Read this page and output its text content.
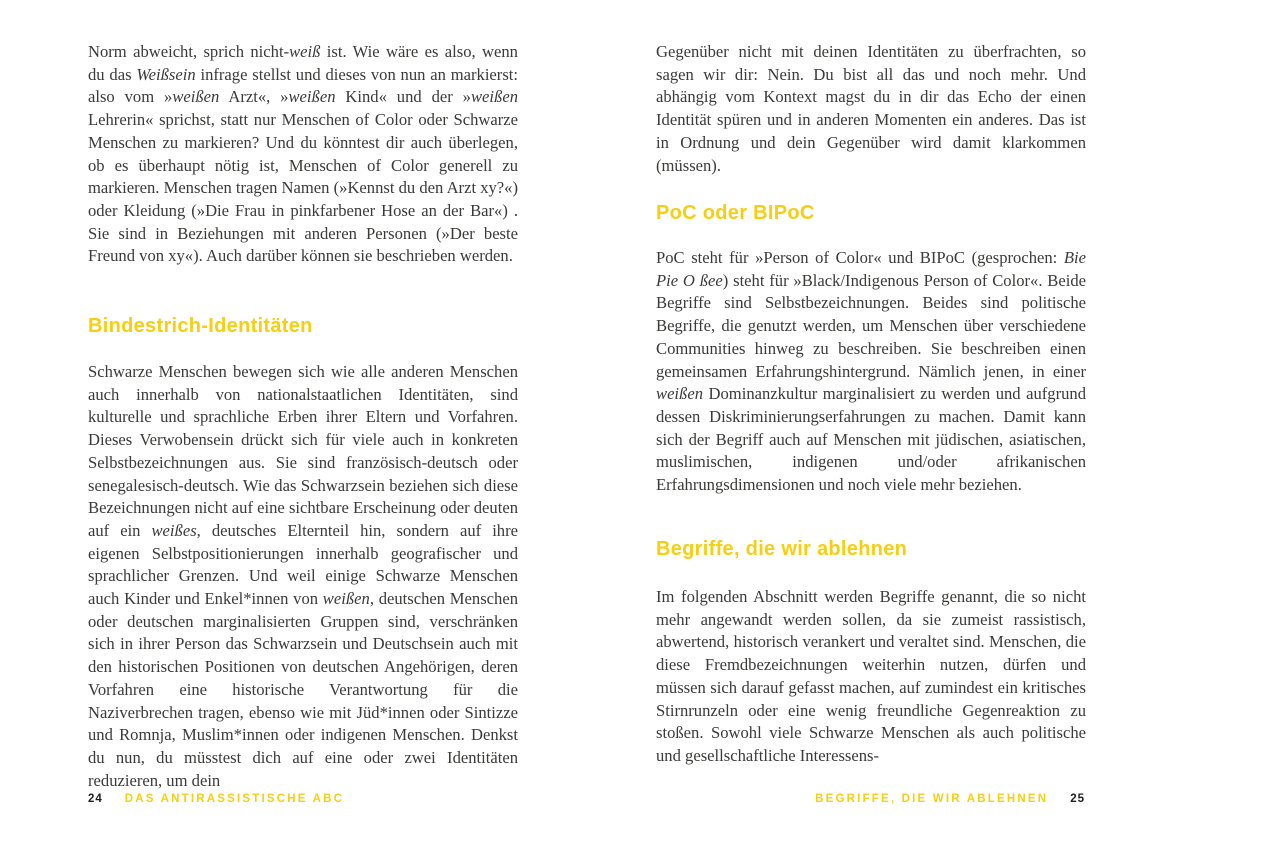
Norm abweicht, sprich nicht-weiß ist. Wie wäre es also, wenn du das Weißsein infrage stellst und dieses von nun an markierst: also vom »weißen Arzt«, »weißen Kind« und der »weißen Lehrerin« sprichst, statt nur Menschen of Color oder Schwarze Menschen zu markieren? Und du könntest dir auch überlegen, ob es überhaupt nötig ist, Menschen of Color generell zu markieren. Menschen tragen Namen (»Kennst du den Arzt xy?«) oder Kleidung (»Die Frau in pinkfarbener Hose an der Bar«) . Sie sind in Beziehungen mit anderen Personen (»Der beste Freund von xy«). Auch darüber können sie beschrieben werden.

Bindestrich-Identitäten

Schwarze Menschen bewegen sich wie alle anderen Menschen auch innerhalb von nationalstaatlichen Identitäten, sind kulturelle und sprachliche Erben ihrer Eltern und Vorfahren. Dieses Verwobensein drückt sich für viele auch in konkreten Selbstbezeichnungen aus. Sie sind französisch-deutsch oder senegalesisch-deutsch. Wie das Schwarzsein beziehen sich diese Bezeichnungen nicht auf eine sichtbare Erscheinung oder deuten auf ein weißes, deutsches Elternteil hin, sondern auf ihre eigenen Selbstpositionierungen innerhalb geografischer und sprachlicher Grenzen. Und weil einige Schwarze Menschen auch Kinder und Enkel*innen von weißen, deutschen Menschen oder deutschen marginalisierten Gruppen sind, verschränken sich in ihrer Person das Schwarzsein und Deutschsein auch mit den historischen Positionen von deutschen Angehörigen, deren Vorfahren eine historische Verantwortung für die Naziverbrechen tragen, ebenso wie mit Jüd*innen oder Sintizze und Romnja, Muslim*innen oder indigenen Menschen. Denkst du nun, du müsstest dich auf eine oder zwei Identitäten reduzieren, um dein

24 DAS ANTIRASSISTISCHE ABC

Gegenüber nicht mit deinen Identitäten zu überfrachten, so sagen wir dir: Nein. Du bist all das und noch mehr. Und abhängig vom Kontext magst du in dir das Echo der einen Identität spüren und in anderen Momenten ein anderes. Das ist in Ordnung und dein Gegenüber wird damit klarkommen (müssen).

PoC oder BIPoC

PoC steht für »Person of Color« und BIPoC (gesprochen: Bie Pie O ßee) steht für »Black/Indigenous Person of Color«. Beide Begriffe sind Selbstbezeichnungen. Beides sind politische Begriffe, die genutzt werden, um Menschen über verschiedene Communities hinweg zu beschreiben. Sie beschreiben einen gemeinsamen Erfahrungshintergrund. Nämlich jenen, in einer weißen Dominanzkultur marginalisiert zu werden und aufgrund dessen Diskriminierungserfahrungen zu machen. Damit kann sich der Begriff auch auf Menschen mit jüdischen, asiatischen, muslimischen, indigenen und/oder afrikanischen Erfahrungsdimensionen und noch viele mehr beziehen.

Begriffe, die wir ablehnen

Im folgenden Abschnitt werden Begriffe genannt, die so nicht mehr angewandt werden sollen, da sie zumeist rassistisch, abwertend, historisch verankert und veraltet sind. Menschen, die diese Fremdbezeichnungen weiterhin nutzen, dürfen und müssen sich darauf gefasst machen, auf zumindest ein kritisches Stirnrunzeln oder eine wenig freundliche Gegenreaktion zu stoßen. Sowohl viele Schwarze Menschen als auch politische und gesellschaftliche Interessens-

BEGRIFFE, DIE WIR ABLEHNEN 25
